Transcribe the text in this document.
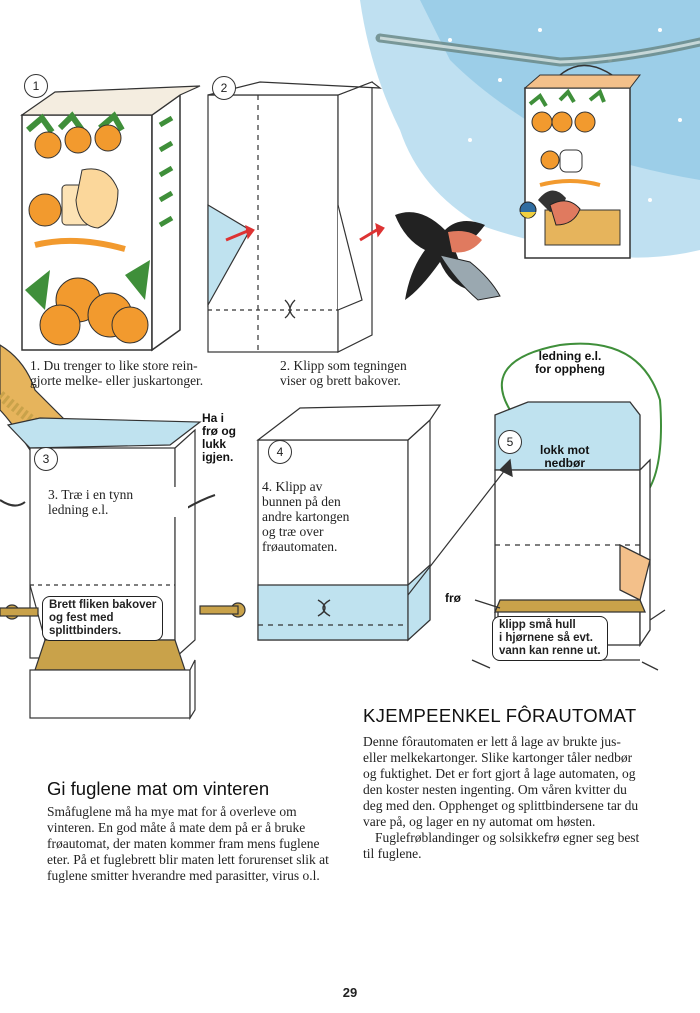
1	2
3	4
5
1. Du trenger to like store rein-
gjorte melke- eller juskartonger.
2. Klipp som tegningen
viser og brett bakover.
3. Træ i en tynn
ledning e.l.
4. Klipp av
bunnen på den
andre kartongen
og træ over
frøautomaten.
Ha i
frø og
lukk
igjen.
Brett fliken bakover
og fest med
splittbinders.
ledning e.l.
for oppheng
lokk mot
nedbør
frø
klipp små hull
i hjørnene så evt.
vann kan renne ut.
KJEMPEENKEL FÔRAUTOMAT

Denne fôrautomaten er lett å lage av brukte jus- eller melkekartonger. Slike kartonger tåler nedbør og fuktighet. Det er fort gjort å lage automaten, og den koster nesten ingenting. Om våren kvitter du deg med den. Opphenget og splittbindersene tar du vare på, og lager en ny automat om høsten.

Fuglefrøblandinger og solsikkefrø egner seg best til fuglene.

Gi fuglene mat om vinteren

Småfuglene må ha mye mat for å overleve om vinteren. En god måte å mate dem på er å bruke frøautomat, der maten kommer fram mens fuglene eter. På et fuglebrett blir maten lett forurenset slik at fuglene smitter hverandre med parasitter, virus o.l.

29
